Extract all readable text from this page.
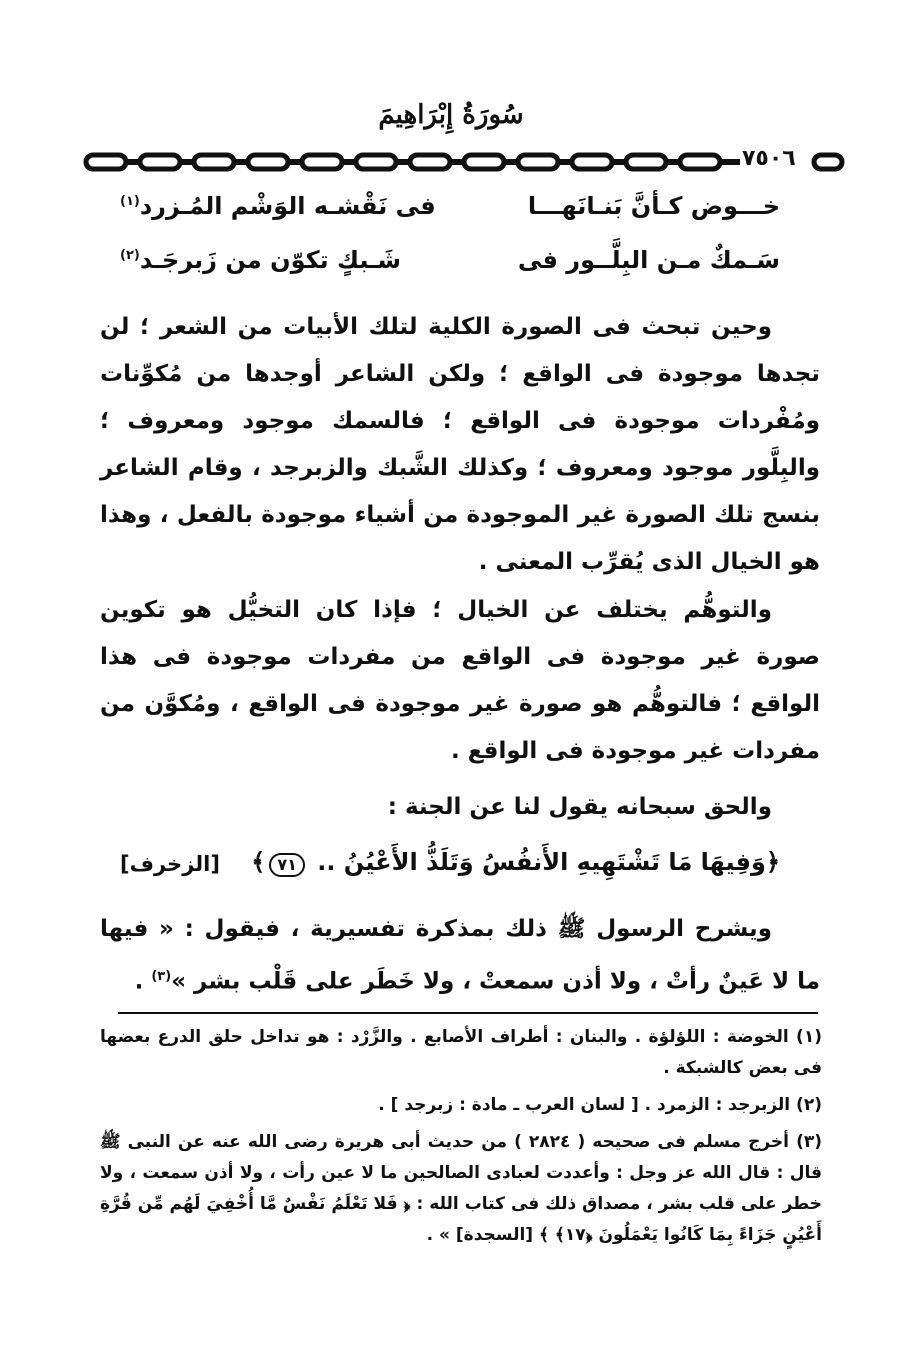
سُورَةُ إِبْرَاهِيمَ
٧٥٠٦
خـــوض كـأنَّ بَنـانَهـــا
فى نَقْشـه الوَشْم المُـزرد$^{(١)}$
سَـمكٌ مـن البِلَّــور فى
شَـبكٍ تكوّن من زَبرجَـد$^{(٢)}$

وحين تبحث فى الصورة الكلية لتلك الأبيات من الشعر ؛ لن تجدها موجودة فى الواقع ؛ ولكن الشاعر أوجدها من مُكوِّنات ومُفْردات موجودة فى الواقع ؛ فالسمك موجود ومعروف ؛ والبِلَّور موجود ومعروف ؛ وكذلك الشَّبك والزبرجد ، وقام الشاعر بنسج تلك الصورة غير الموجودة من أشياء موجودة بالفعل ، وهذا هو الخيال الذى يُقرِّب المعنى .

والتوهُّم يختلف عن الخيال ؛ فإذا كان التخيُّل هو تكوين صورة غير موجودة فى الواقع من مفردات موجودة فى هذا الواقع ؛ فالتوهُّم هو صورة غير موجودة فى الواقع ، ومُكوَّن من مفردات غير موجودة فى الواقع .

والحق سبحانه يقول لنا عن الجنة :

﴿وَفِيهَا مَا تَشْتَهِيهِ الأَنفُسُ وَتَلَذُّ الأَعْيُنُ .. ٧١﴾
[الزخرف]

ويشرح الرسول ﷺ ذلك بمذكرة تفسيرية ، فيقول : « فيها ما لا عَينٌ رأتْ ، ولا أذن سمعتْ ، ولا خَطَر على قَلْب بشر »$^{(٣)}$ .

(١) الخوضة : اللؤلؤة . والبنان : أطراف الأصابع . والزَّرْد : هو تداخل حلق الدرع بعضها فى بعض كالشبكة .

(٢) الزبرجد : الزمرد . [ لسان العرب ـ مادة : زبرجد ] .

(٣) أخرج مسلم فى صحيحه ( ٢٨٢٤ ) من حديث أبى هريرة رضى الله عنه عن النبى ﷺ قال : قال الله عز وجل : وأعددت لعبادى الصالحين ما لا عين رأت ، ولا أذن سمعت ، ولا خطر على قلب بشر ، مصداق ذلك فى كتاب الله : ﴿ فَلا تَعْلَمُ نَفْسٌ مَّا أُخْفِيَ لَهُم مِّن قُرَّةِ أَعْيُنٍ جَزَاءً بِمَا كَانُوا يَعْمَلُونَ ﴿١٧﴾ ﴾ [السجدة] » .
